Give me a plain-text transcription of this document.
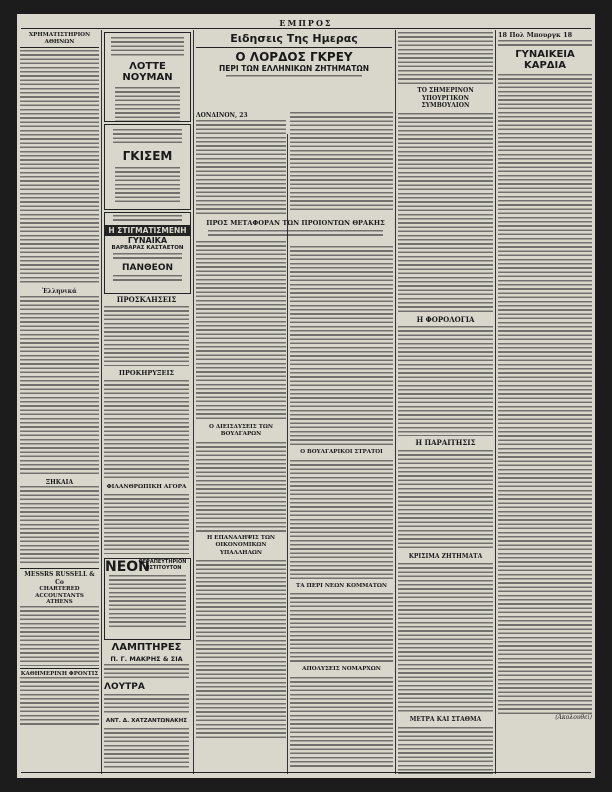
ΕΜΠΡΟΣ
ΧΡΗΜΑΤΙΣΤΗΡΙΟΝ ΑΘΗΝΩΝ
Ἑλληνικά
ΞΗΚΑΙΑ
MESSRS RUSSELL & Co
CHARTERED ACCOUNTANTS
ATHENS
ΚΑΘΗΜΕΡΙΝΗ ΦΡΟΝΤΙΣ
ΛΟΤΤΕ ΝΟΥΜΑΝ
ΓΚΙΣΕΜ
Η ΣΤΙΓΜΑΤΙΣΜΕΝΗ
ΓΥΝΑΙΚΑ
ΒΑΡΒΑΡΑΣ ΚΑΣΤΑΕΤΟΝ
ΠΑΝΘΕΟΝ
ΠΡΟΣΚΛΗΣΕΙΣ
ΠΡΟΚΗΡΥΞΕΙΣ
ΦΙΛΑΝΘΡΩΠΙΚΗ ΑΓΟΡΑ
ΝΕΟΝ
ΘΕΡΑΠΕΥΤΗΡΙΟΝ ΙΝΣΤΙΤΟΥΤΟΝ
ΛΑΜΠΤΗΡΕΣ
Π. Γ. ΜΑΚΡΗΣ & ΣΙΑ
ΛΟΥΤΡΑ
ΑΝΤ. Δ. ΧΑΤΖΑΝΤΩΝΑΚΗΣ
Ειδησεις Της Ημερας
Ο ΛΟΡΔΟΣ ΓΚΡΕΥ
ΠΕΡΙ ΤΩΝ ΕΛΛΗΝΙΚΩΝ ΖΗΤΗΜΑΤΩΝ
ΛΟΝΔΙΝΟΝ, 23
Ο ΔΙΕΙΣΔΥΣΕΙΣ ΤΩΝ ΒΟΥΛΓΑΡΩΝ
Η ΕΠΑΝΑΛΗΨΙΣ ΤΩΝ ΟΙΚΟΝΟΜΙΚΩΝ ΥΠΑΛΛΗΛΩΝ
ΠΡΟΣ ΜΕΤΑΦΟΡΑΝ ΤΩΝ ΠΡΟΪΟΝΤΩΝ ΘΡΑΚΗΣ
Ο ΒΟΥΛΓΑΡΙΚΟΙ ΣΤΡΑΤΟΙ
ΤΑ ΠΕΡΙ ΝΕΩΝ ΚΟΜΜΑΤΩΝ
ΑΠΟΛΥΣΕΙΣ ΝΟΜΑΡΧΩΝ
ΤΟ ΣΗΜΕΡΙΝΟΝ ΥΠΟΥΡΓΙΚΟΝ ΣΥΜΒΟΥΛΙΟΝ
Η ΦΟΡΟΛΟΓΙΑ
Η ΠΑΡΑΙΤΗΣΙΣ
ΚΡΙΣΙΜΑ ΖΗΤΗΜΑΤΑ
ΜΕΤΡΑ ΚΑΙ ΣΤΑΘΜΑ
18 Πολ Μπουργκ 18
ΓΥΝΑΙΚΕΙΑ ΚΑΡΔΙΑ
(Ακολουθεί)
